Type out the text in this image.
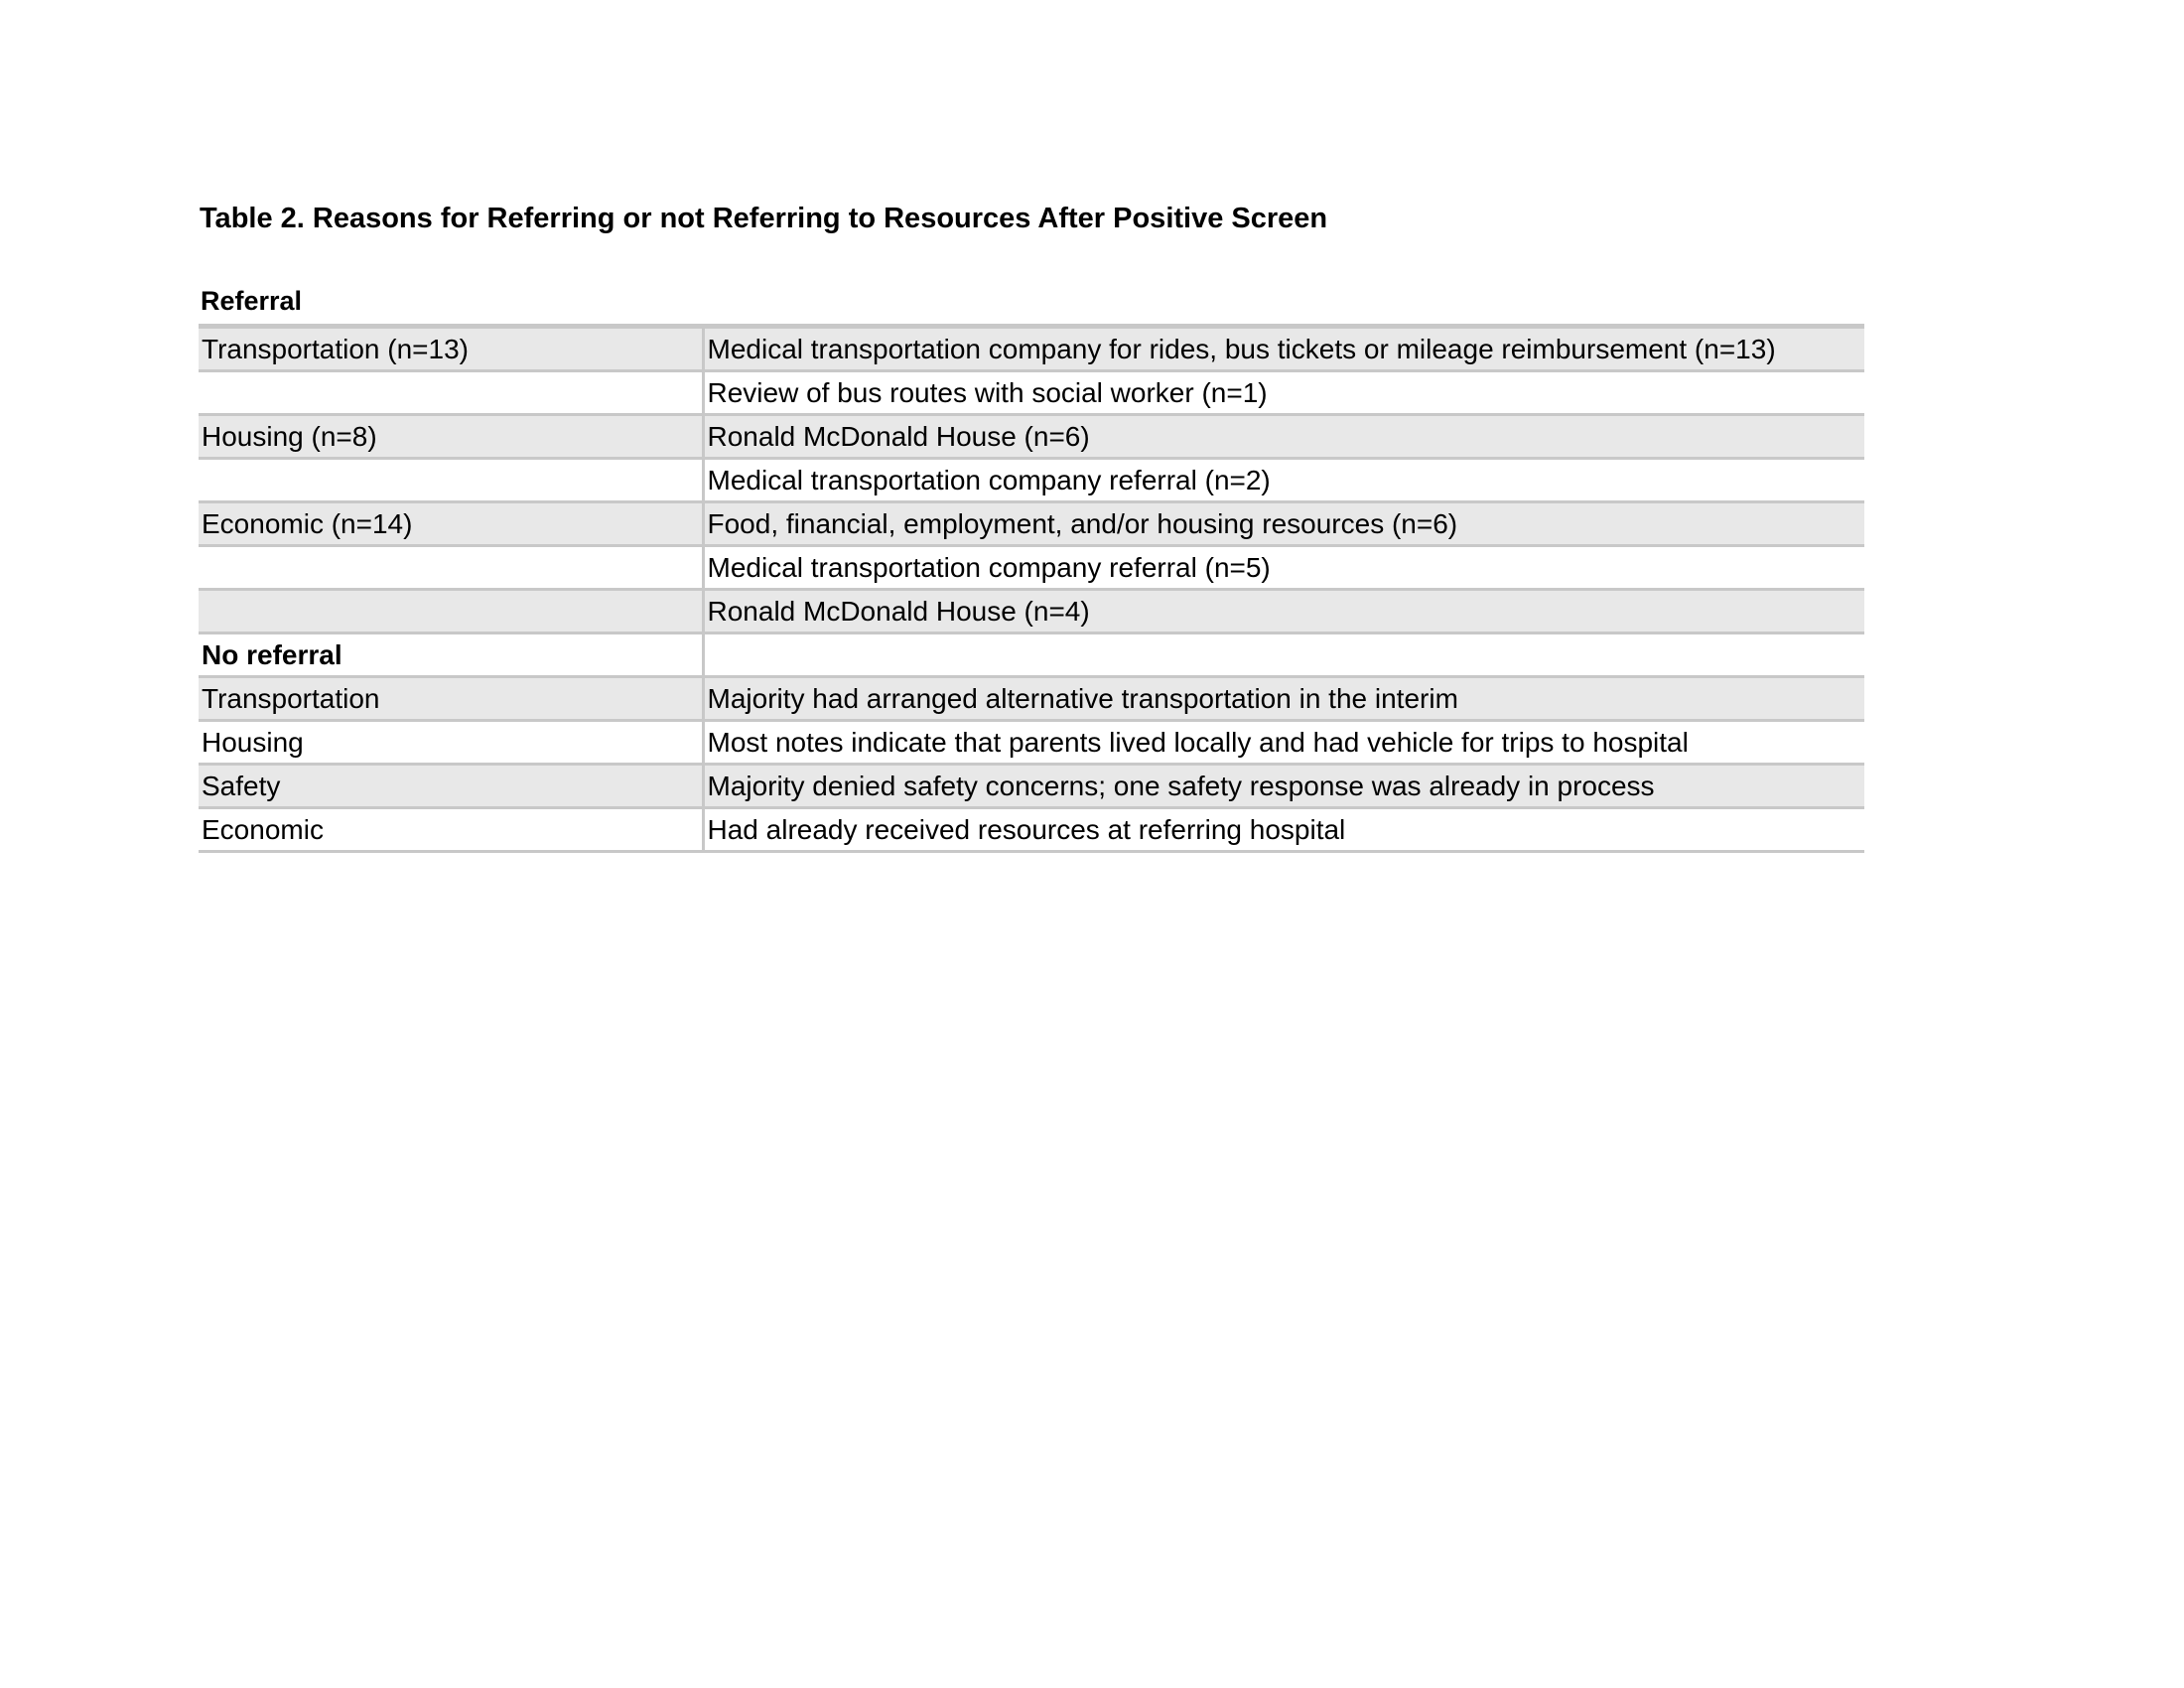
Table 2. Reasons for Referring or not Referring to Resources After Positive Screen
Referral
Transportation (n=13)	Medical transportation company for rides, bus tickets or mileage reimbursement (n=13)
	Review of bus routes with social worker (n=1)
Housing (n=8)	Ronald McDonald House (n=6)
	Medical transportation company referral (n=2)
Economic (n=14)	Food, financial, employment, and/or housing resources (n=6)
	Medical transportation company referral (n=5)
	Ronald McDonald House (n=4)
No referral	
Transportation	Majority had arranged alternative transportation in the interim
Housing	Most notes indicate that parents lived locally and had vehicle for trips to hospital
Safety	Majority denied safety concerns; one safety response was already in process
Economic	Had already received resources at referring hospital
